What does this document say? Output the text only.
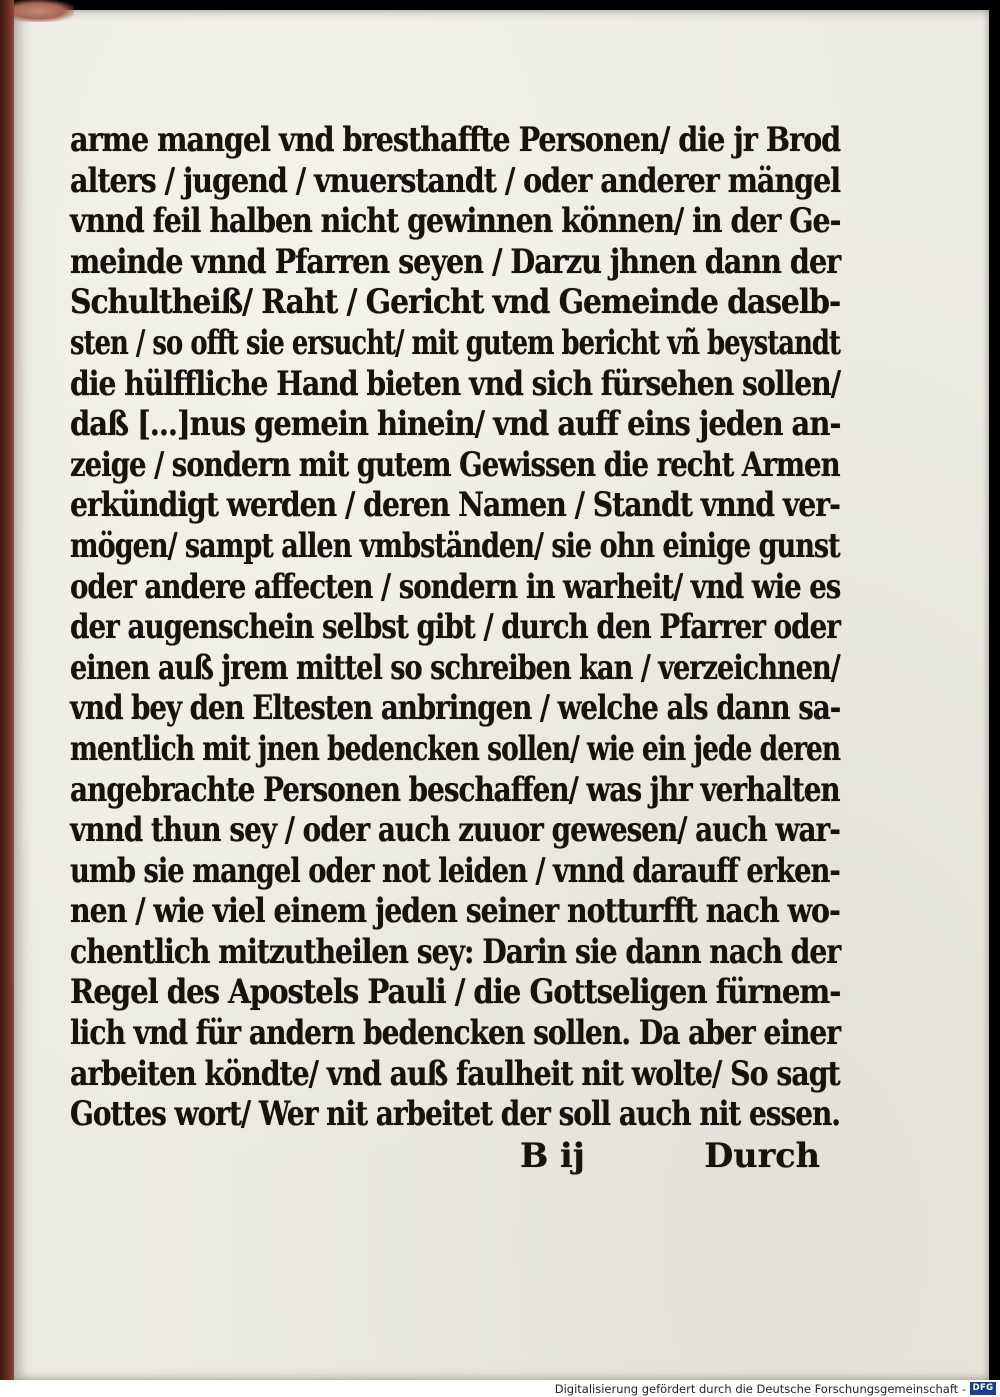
arme mangel vnd bresthaffte Personen/ die jr Brod
alters / jugend / vnuerstandt / oder anderer mängel
vnnd feil halben nicht gewinnen können/ in der Ge-
meinde vnnd Pfarren seyen / Darzu jhnen dann der
Schultheiß/ Raht / Gericht vnd Gemeinde daselb-
sten / so offt sie ersucht/ mit gutem bericht vñ beystandt
die hülffliche Hand bieten vnd sich fürsehen sollen/
daß [...]nus gemein hinein/ vnd auff eins jeden an-
zeige / sondern mit gutem Gewissen die recht Armen
erkündigt werden / deren Namen / Standt vnnd ver-
mögen/ sampt allen vmbständen/ sie ohn einige gunst
oder andere affecten / sondern in warheit/ vnd wie es
der augenschein selbst gibt / durch den Pfarrer oder
einen auß jrem mittel so schreiben kan / verzeichnen/
vnd bey den Eltesten anbringen / welche als dann sa-
mentlich mit jnen bedencken sollen/ wie ein jede deren
angebrachte Personen beschaffen/ was jhr verhalten
vnnd thun sey / oder auch zuuor gewesen/ auch war-
umb sie mangel oder not leiden / vnnd darauff erken-
nen / wie viel einem jeden seiner notturfft nach wo-
chentlich mitzutheilen sey: Darin sie dann nach der
Regel des Apostels Pauli / die Gottseligen fürnem-
lich vnd für andern bedencken sollen. Da aber einer
arbeiten köndte/ vnd auß faulheit nit wolte/ So sagt
Gottes wort/ Wer nit arbeitet der soll auch nit essen.
B ij	Durch
Digitalisierung gefördert durch die Deutsche Forschungsgemeinschaft - DFG
